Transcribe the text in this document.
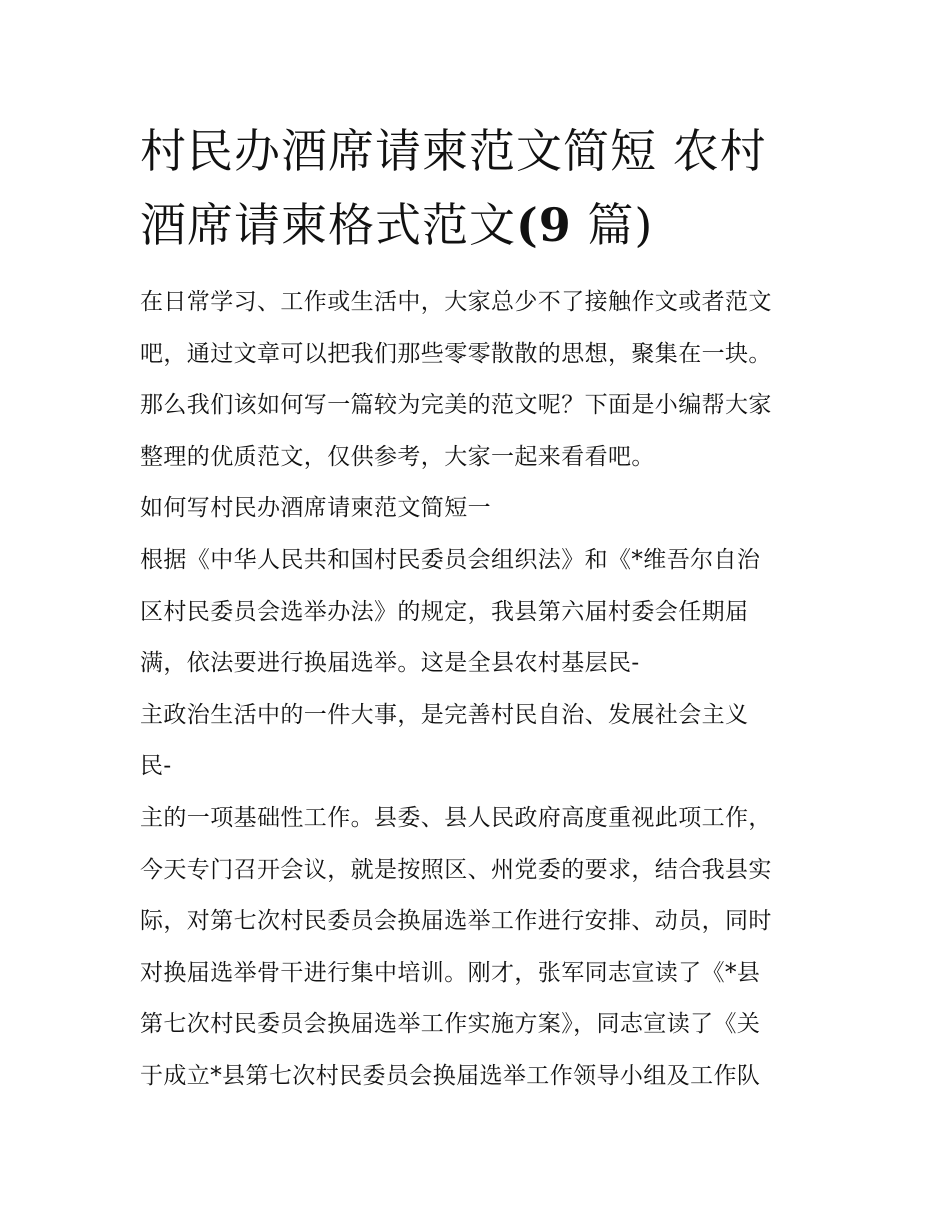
村民办酒席请柬范文简短 农村
酒席请柬格式范文(9 篇)
在日常学习、工作或生活中，大家总少不了接触作文或者范文
吧，通过文章可以把我们那些零零散散的思想，聚集在一块。
那么我们该如何写一篇较为完美的范文呢？下面是小编帮大家
整理的优质范文，仅供参考，大家一起来看看吧。
如何写村民办酒席请柬范文简短一
根据《中华人民共和国村民委员会组织法》和《*维吾尔自治
区村民委员会选举办法》的规定，我县第六届村委会任期届
满，依法要进行换届选举。这是全县农村基层民-
主政治生活中的一件大事，是完善村民自治、发展社会主义
民-
主的一项基础性工作。县委、县人民政府高度重视此项工作，
今天专门召开会议，就是按照区、州党委的要求，结合我县实
际，对第七次村民委员会换届选举工作进行安排、动员，同时
对换届选举骨干进行集中培训。刚才，张军同志宣读了《*县
第七次村民委员会换届选举工作实施方案》，同志宣读了《关
于成立*县第七次村民委员会换届选举工作领导小组及工作队
